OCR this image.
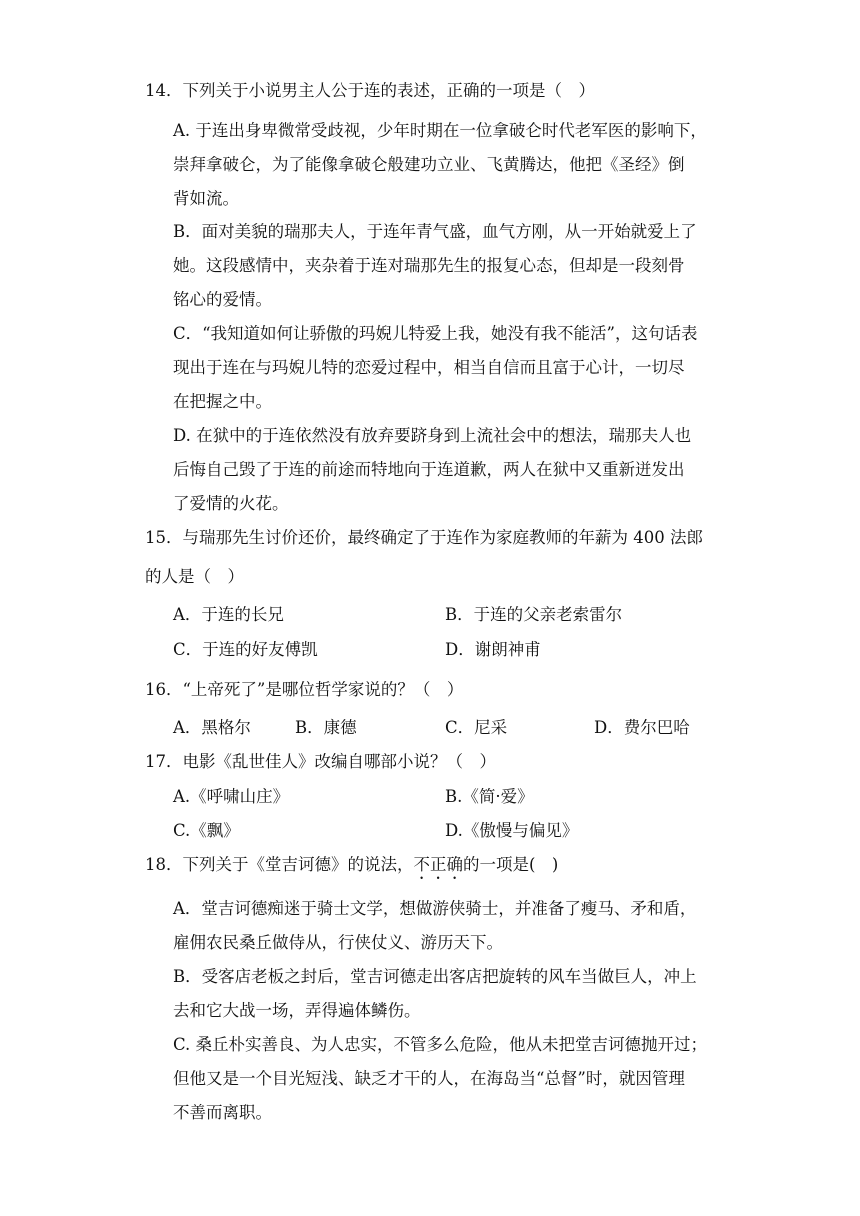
14．下列关于小说男主人公于连的表述，正确的一项是（　）
A. 于连出身卑微常受歧视，少年时期在一位拿破仑时代老军医的影响下，
崇拜拿破仑，为了能像拿破仑般建功立业、飞黄腾达，他把《圣经》倒
背如流。
B．面对美貌的瑞那夫人，于连年青气盛，血气方刚，从一开始就爱上了
她。这段感情中，夹杂着于连对瑞那先生的报复心态，但却是一段刻骨
铭心的爱情。
C．“我知道如何让骄傲的玛婗儿特爱上我，她没有我不能活”，这句话表
现出于连在与玛婗儿特的恋爱过程中，相当自信而且富于心计，一切尽
在把握之中。
D. 在狱中的于连依然没有放弃要跻身到上流社会中的想法，瑞那夫人也
后悔自己毁了于连的前途而特地向于连道歉，两人在狱中又重新迸发出
了爱情的火花。
15．与瑞那先生讨价还价，最终确定了于连作为家庭教师的年薪为 400 法郎
的人是（　）
A．于连的长兄	B．于连的父亲老索雷尔
C．于连的好友傅凯	D．谢朗神甫
16．“上帝死了”是哪位哲学家说的？（　）
A．黑格尔	B．康德	C．尼采	D．费尔巴哈
17．电影《乱世佳人》改编自哪部小说？（　）
A.《呼啸山庄》	B.《简·爱》
C.《飘》	D.《傲慢与偏见》
18．下列关于《堂吉诃德》的说法，不正确的一项是(　)
A．堂吉诃德痴迷于骑士文学，想做游侠骑士，并准备了瘦马、矛和盾，
雇佣农民桑丘做侍从，行侠仗义、游历天下。
B．受客店老板之封后，堂吉诃德走出客店把旋转的风车当做巨人，冲上
去和它大战一场，弄得遍体鳞伤。
C. 桑丘朴实善良、为人忠实，不管多么危险，他从未把堂吉诃德抛开过；
但他又是一个目光短浅、缺乏才干的人，在海岛当“总督”时，就因管理
不善而离职。
